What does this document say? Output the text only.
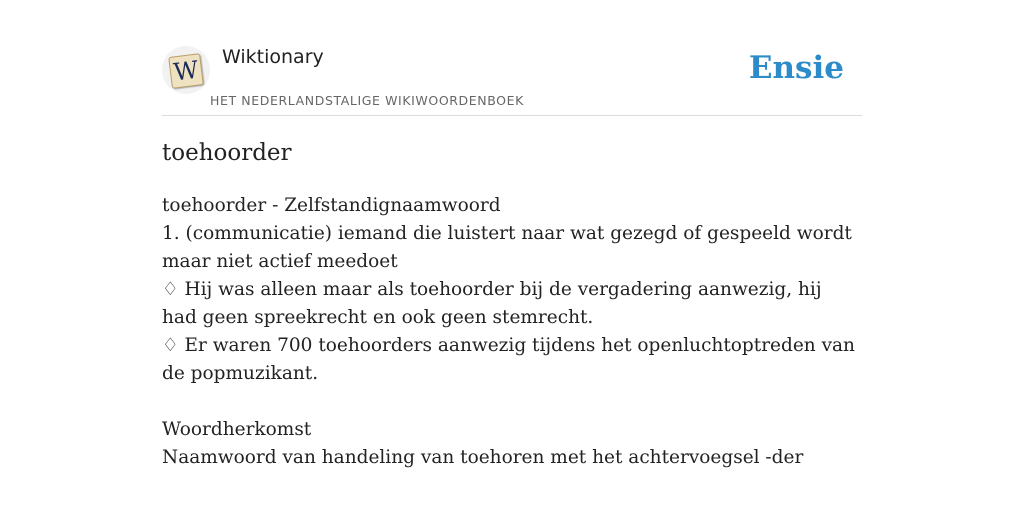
W Wiktionary
HET NEDERLANDSTALIGE WIKIWOORDENBOEK
Ensie
toehoorder
toehoorder - Zelfstandignaamwoord
1. (communicatie) iemand die luistert naar wat gezegd of gespeeld wordt maar niet actief meedoet
♢ Hij was alleen maar als toehoorder bij de vergadering aanwezig, hij had geen spreekrecht en ook geen stemrecht.
♢ Er waren 700 toehoorders aanwezig tijdens het openluchtoptreden van de popmuzikant.
Woordherkomst
Naamwoord van handeling van toehoren met het achtervoegsel -der
